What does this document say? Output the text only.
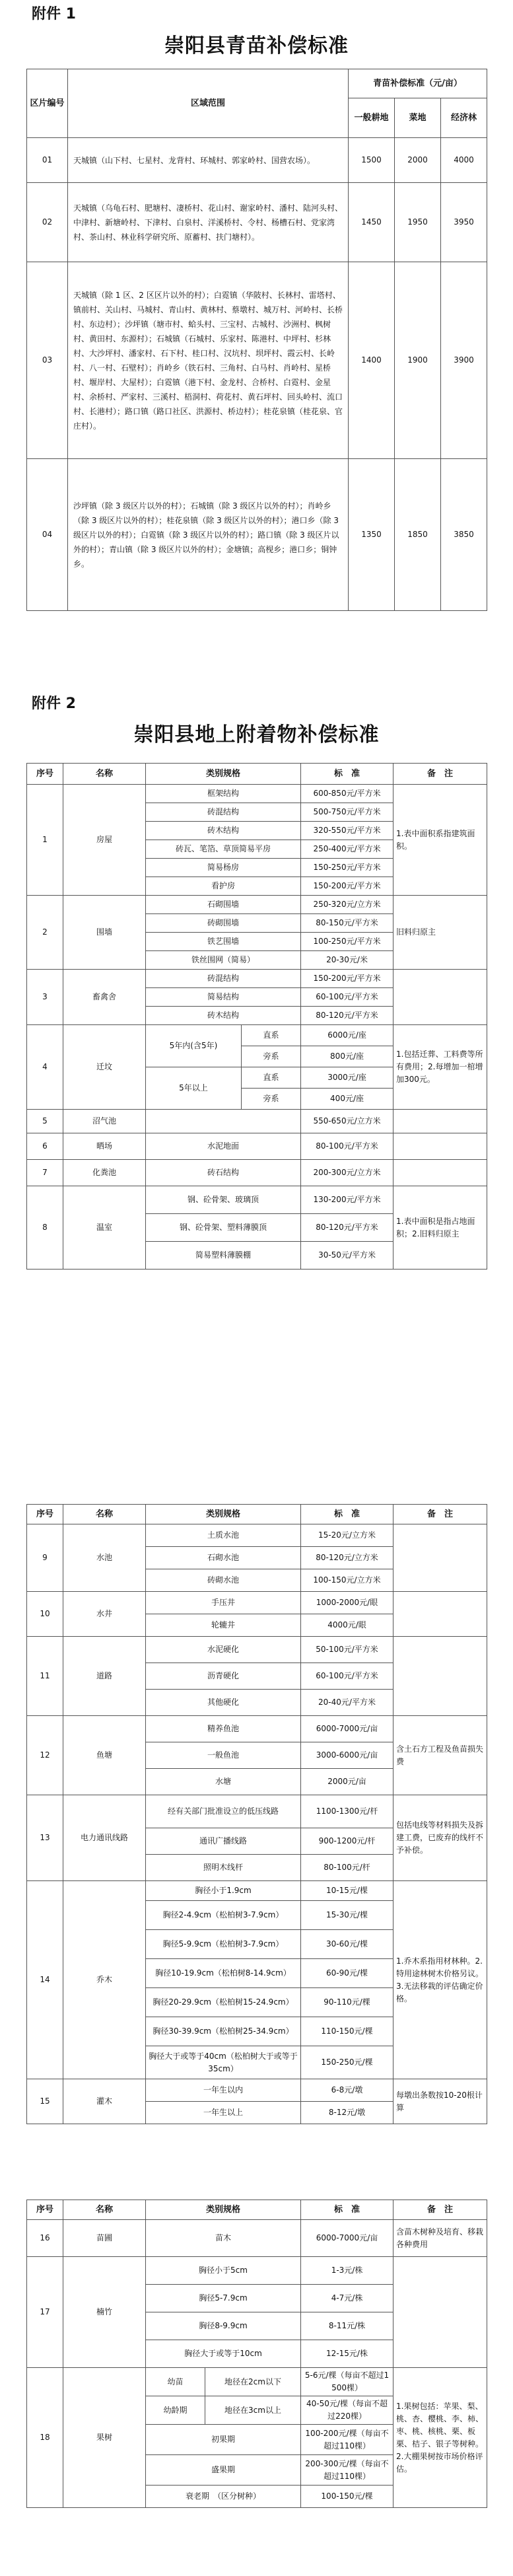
附件 1
崇阳县青苗补偿标准
区片编号	区域范围	青苗补偿标准（元/亩）		
		一般耕地	菜地	经济林
01	天城镇（山下村、七星村、龙背村、环城村、郭家岭村、国营农场）。	1500	2000	4000
02	天城镇（乌龟石村、肥塘村、凄桥村、花山村、谢家岭村、潘村、陆河头村、中津村、新塘岭村、下津村、白泉村、洋溪桥村、令村、杨槽石村、党家湾村、茶山村、林业科学研究所、原蓄村、扶门塘村）。	1450	1950	3950
03	天城镇（除 1 区、2 区区片以外的村）；白霓镇（华陂村、长林村、雷塔村、镇前村、关山村、马城村、青山村、黄林村、蔡墩村、城万村、河岭村、长桥村、东边村）；沙坪镇（塘市村、蛤头村、三宝村、古城村、沙洲村、枫树村、黄田村、东源村）；石城镇（石城村、乐家村、陈港村、中坪村、杉林村、大沙坪村、潘家村、石下村、桂口村、汉坑村、坝坪村、霞云村、长岭村、八一村、石壁村）；肖岭乡（铁石村、三角村、白马村、肖岭村、星桥村、堰岸村、大屋村）；白霓镇（港下村、金龙村、合桥村、白霓村、金星村、余桥村、严家村、三溪村、梧洞村、荷花村、黄石坪村、回头岭村、流口村、长港村）；路口镇（路口社区、洪源村、桥边村）；桂花泉镇（桂花泉、官庄村）。	1400	1900	3900
04	沙坪镇（除 3 级区片以外的村）；石城镇（除 3 级区片以外的村）；肖岭乡（除 3 级区片以外的村）；桂花泉镇（除 3 级区片以外的村）；港口乡（除 3 级区片以外的村）；白霓镇（除 3 级区片以外的村）；路口镇（除 3 级区片以外的村）；青山镇（除 3 级区片以外的村）；金塘镇；高枧乡；港口乡；铜钟乡。	1350	1850	3850
附件 2
崇阳县地上附着物补偿标准
序号	名称	类别规格		标　准	备　注
1	房屋	框架结构		600-850元/平方米	1.表中面积系指建筑面积。
		砖混结构		500-750元/平方米	
		砖木结构		320-550元/平方米	
		砖瓦、笔箔、草顶简易平房		250-400元/平方米	
		简易杨房		150-250元/平方米	
		看护房		150-200元/平方米	
2	围墙	石砌围墙		250-320元/立方米	旧料归原主
		砖砌围墙		80-150元/平方米	
		铁艺围墙		100-250元/平方米	
		铁丝围网（简易）		20-30元/米	
3	畜禽舍	砖混结构		150-200元/平方米	
		简易结构		60-100元/平方米	
		砖木结构		80-120元/平方米	
4	迁坟	5年内(含5年)	直系	6000元/座	1.包括迁葬、工料费等所有费用；2.每增加一棺增加300元。
			旁系	800元/座	
		5年以上	直系	3000元/座	
			旁系	400元/座	
5	沼气池			550-650元/立方米	
6	晒场	水泥地面		80-100元/平方米	
7	化粪池	砖石结构		200-300元/立方米	
8	温室	钢、砼骨架、玻璃顶		130-200元/平方米	1.表中面积是指占地面积；2.旧料归原主
		钢、砼骨架、塑料薄膜顶		80-120元/平方米	
		简易塑料薄膜棚		30-50元/平方米	
序号	名称	类别规格	标　准	备　注
9	水池	土质水池	15-20元/立方米	
		石砌水池	80-120元/立方米	
		砖砌水池	100-150元/立方米	
10	水井	手压井	1000-2000元/眼	
		轮辘井	4000元/眼	
11	道路	水泥硬化	50-100元/平方米	
		沥青硬化	60-100元/平方米	
		其他硬化	20-40元/平方米	
12	鱼塘	精养鱼池	6000-7000元/亩	含土石方工程及鱼苗损失费
		一般鱼池	3000-6000元/亩	
		水塘	2000元/亩	
13	电力通讯线路	经有关部门批准设立的低压线路	1100-1300元/杆	包括电线等材料损失及拆建工费，已废弃的线杆不予补偿。
		通讯广播线路	900-1200元/杆	
		照明木线杆	80-100元/杆	
14	乔木	胸径小于1.9cm	10-15元/棵	1.乔木系指用材林种。2.特用途林树木价格另议。3.无法移栽的评估确定价格。
		胸径2-4.9cm（松柏树3-7.9cm）	15-30元/棵	
		胸径5-9.9cm（松柏树3-7.9cm）	30-60元/棵	
		胸径10-19.9cm（松柏树8-14.9cm）	60-90元/棵	
		胸径20-29.9cm（松柏树15-24.9cm）	90-110元/棵	
		胸径30-39.9cm（松柏树25-34.9cm）	110-150元/棵	
		胸径大于或等于40cm（松柏树大于或等于35cm）	150-250元/棵	
15	灌木	一年生以内	6-8元/墩	每墩出条数按10-20根计算
		一年生以上	8-12元/墩	
序号	名称	类别规格		标　准	备　注
16	苗圃	苗木		6000-7000元/亩	含苗木树种及培育、移栽各种费用
17	楠竹	胸径小于5cm		1-3元/株	
		胸径5-7.9cm		4-7元/株	
		胸径8-9.9cm		8-11元/株	
		胸径大于或等于10cm		12-15元/株	
18	果树	幼苗	地径在2cm以下	5-6元/棵（每亩不超过1500棵）	1.果树包括：苹果、梨、桃、杏、樱桃、李、柿、枣、桃、核桃、栗、板栗、桔子、银子等树种。2.大棚果树按市场价格评估。
		幼龄期	地径在3cm以上	40-50元/棵（每亩不超过220棵）	
		初果期		100-200元/棵（每亩不超过110棵）	
		盛果期		200-300元/棵（每亩不超过110棵）	
		衰老期　（区分树种）		100-150元/棵	
